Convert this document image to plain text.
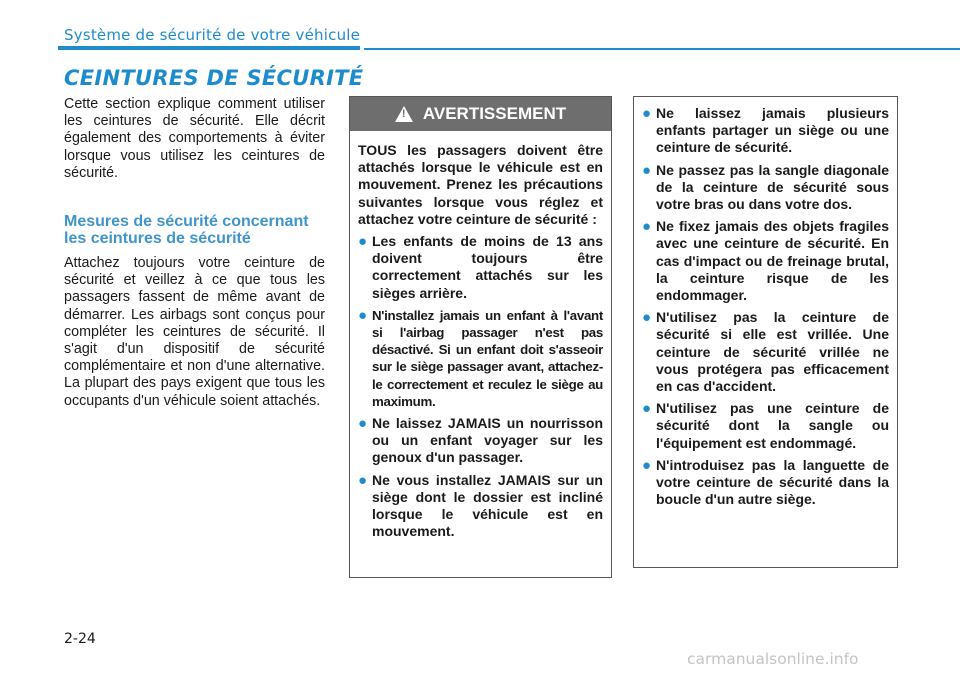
Système de sécurité de votre véhicule
CEINTURES DE SÉCURITÉ

Cette section explique comment utiliser les ceintures de sécurité. Elle décrit également des comportements à éviter lorsque vous utilisez les ceintures de sécurité.

Mesures de sécurité concernant les ceintures de sécurité

Attachez toujours votre ceinture de sécurité et veillez à ce que tous les passagers fassent de même avant de démarrer. Les airbags sont conçus pour compléter les ceintures de sécurité. Il s'agit d'un dispositif de sécurité complémentaire et non d'une alternative. La plupart des pays exigent que tous les occupants d'un véhicule soient attachés.

! AVERTISSEMENT

TOUS les passagers doivent être attachés lorsque le véhicule est en mouvement. Prenez les précautions suivantes lorsque vous réglez et attachez votre ceinture de sécurité :

● Les enfants de moins de 13 ans doivent toujours être correctement attachés sur les sièges arrière.
● N'installez jamais un enfant à l'avant si l'airbag passager n'est pas désactivé. Si un enfant doit s'asseoir sur le siège passager avant, attachez-le correctement et reculez le siège au maximum.
● Ne laissez JAMAIS un nourrisson ou un enfant voyager sur les genoux d'un passager.
● Ne vous installez JAMAIS sur un siège dont le dossier est incliné lorsque le véhicule est en mouvement.
● Ne laissez jamais plusieurs enfants partager un siège ou une ceinture de sécurité.
● Ne passez pas la sangle diagonale de la ceinture de sécurité sous votre bras ou dans votre dos.
● Ne fixez jamais des objets fragiles avec une ceinture de sécurité. En cas d'impact ou de freinage brutal, la ceinture risque de les endommager.
● N'utilisez pas la ceinture de sécurité si elle est vrillée. Une ceinture de sécurité vrillée ne vous protégera pas efficacement en cas d'accident.
● N'utilisez pas une ceinture de sécurité dont la sangle ou l'équipement est endommagé.
● N'introduisez pas la languette de votre ceinture de sécurité dans la boucle d'un autre siège.
2-24
carmanualsonline.info
